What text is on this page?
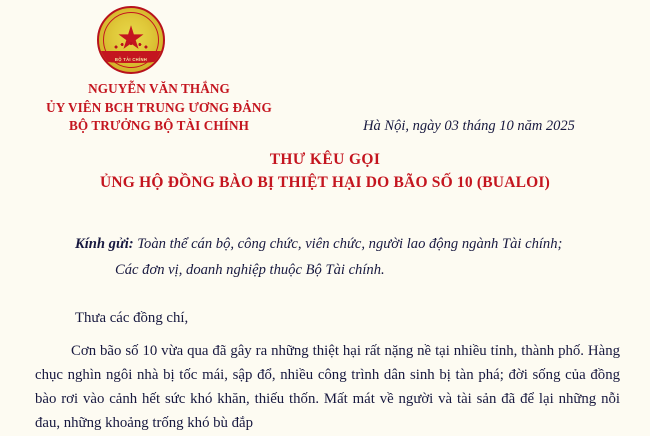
BỘ TÀI CHÍNH
NGUYỄN VĂN THẮNG
ỦY VIÊN BCH TRUNG ƯƠNG ĐẢNG
BỘ TRƯỞNG BỘ TÀI CHÍNH	Hà Nội, ngày 03 tháng 10 năm 2025
THƯ KÊU GỌI
ỦNG HỘ ĐỒNG BÀO BỊ THIỆT HẠI DO BÃO SỐ 10 (BUALOI)
Kính gửi: Toàn thể cán bộ, công chức, viên chức, người lao động ngành Tài chính;
Các đơn vị, doanh nghiệp thuộc Bộ Tài chính.
Thưa các đồng chí,

Cơn bão số 10 vừa qua đã gây ra những thiệt hại rất nặng nề tại nhiều tỉnh, thành phố. Hàng chục nghìn ngôi nhà bị tốc mái, sập đổ, nhiều công trình dân sinh bị tàn phá; đời sống của đồng bào rơi vào cảnh hết sức khó khăn, thiếu thốn. Mất mát về người và tài sản đã để lại những nỗi đau, những khoảng trống khó bù đắp
